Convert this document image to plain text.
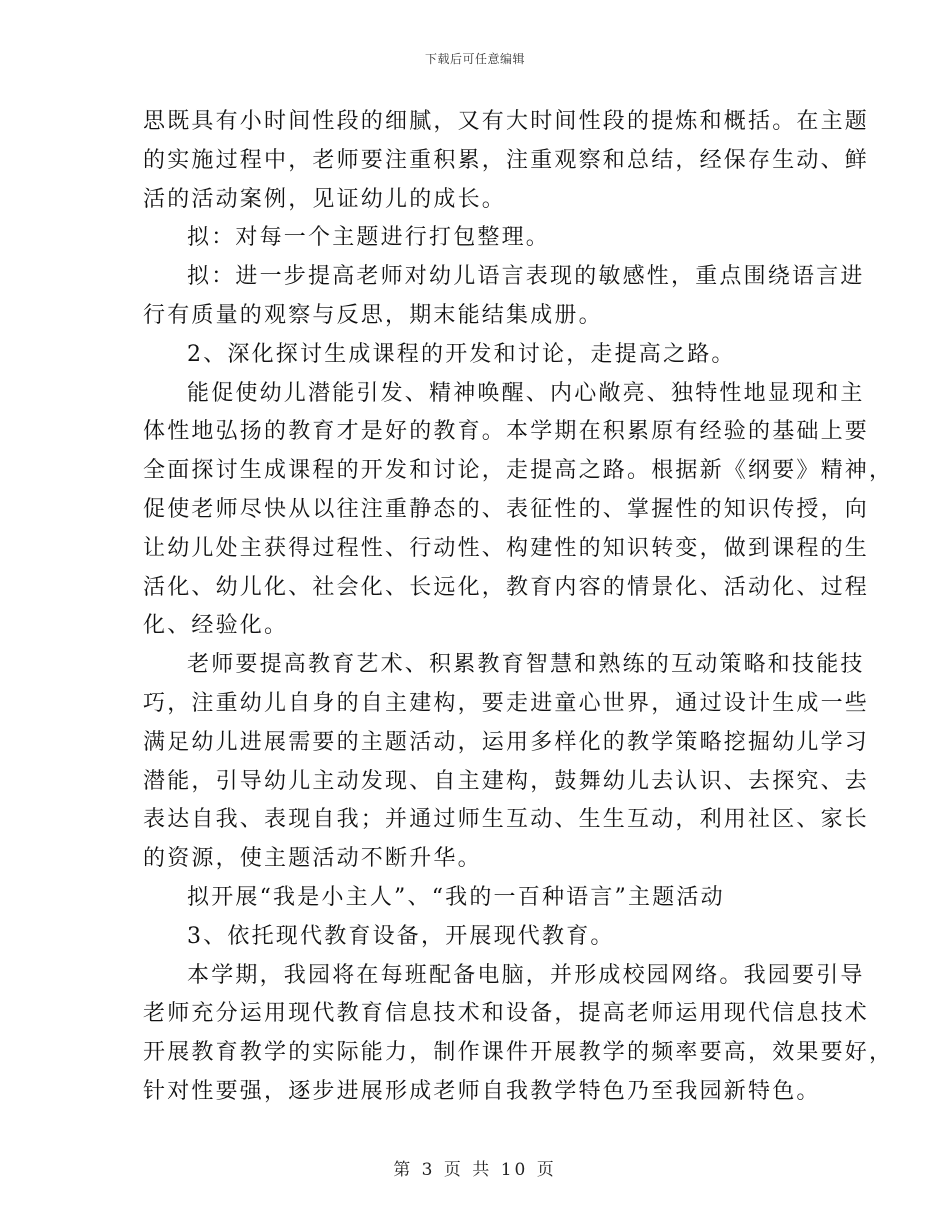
下载后可任意编辑
思既具有小时间性段的细腻，又有大时间性段的提炼和概括。在主题
的实施过程中，老师要注重积累，注重观察和总结，经保存生动、鲜
活的活动案例，见证幼儿的成长。
拟：对每一个主题进行打包整理。
拟：进一步提高老师对幼儿语言表现的敏感性，重点围绕语言进
行有质量的观察与反思，期末能结集成册。
2、深化探讨生成课程的开发和讨论，走提高之路。
能促使幼儿潜能引发、精神唤醒、内心敞亮、独特性地显现和主
体性地弘扬的教育才是好的教育。本学期在积累原有经验的基础上要
全面探讨生成课程的开发和讨论，走提高之路。根据新《纲要》精神，
促使老师尽快从以往注重静态的、表征性的、掌握性的知识传授，向
让幼儿处主获得过程性、行动性、构建性的知识转变，做到课程的生
活化、幼儿化、社会化、长远化，教育内容的情景化、活动化、过程
化、经验化。
老师要提高教育艺术、积累教育智慧和熟练的互动策略和技能技
巧，注重幼儿自身的自主建构，要走进童心世界，通过设计生成一些
满足幼儿进展需要的主题活动，运用多样化的教学策略挖掘幼儿学习
潜能，引导幼儿主动发现、自主建构，鼓舞幼儿去认识、去探究、去
表达自我、表现自我；并通过师生互动、生生互动，利用社区、家长
的资源，使主题活动不断升华。
拟开展“我是小主人”、“我的一百种语言”主题活动
3、依托现代教育设备，开展现代教育。
本学期，我园将在每班配备电脑，并形成校园网络。我园要引导
老师充分运用现代教育信息技术和设备，提高老师运用现代信息技术
开展教育教学的实际能力，制作课件开展教学的频率要高，效果要好，
针对性要强，逐步进展形成老师自我教学特色乃至我园新特色。
第 3 页 共 10 页
